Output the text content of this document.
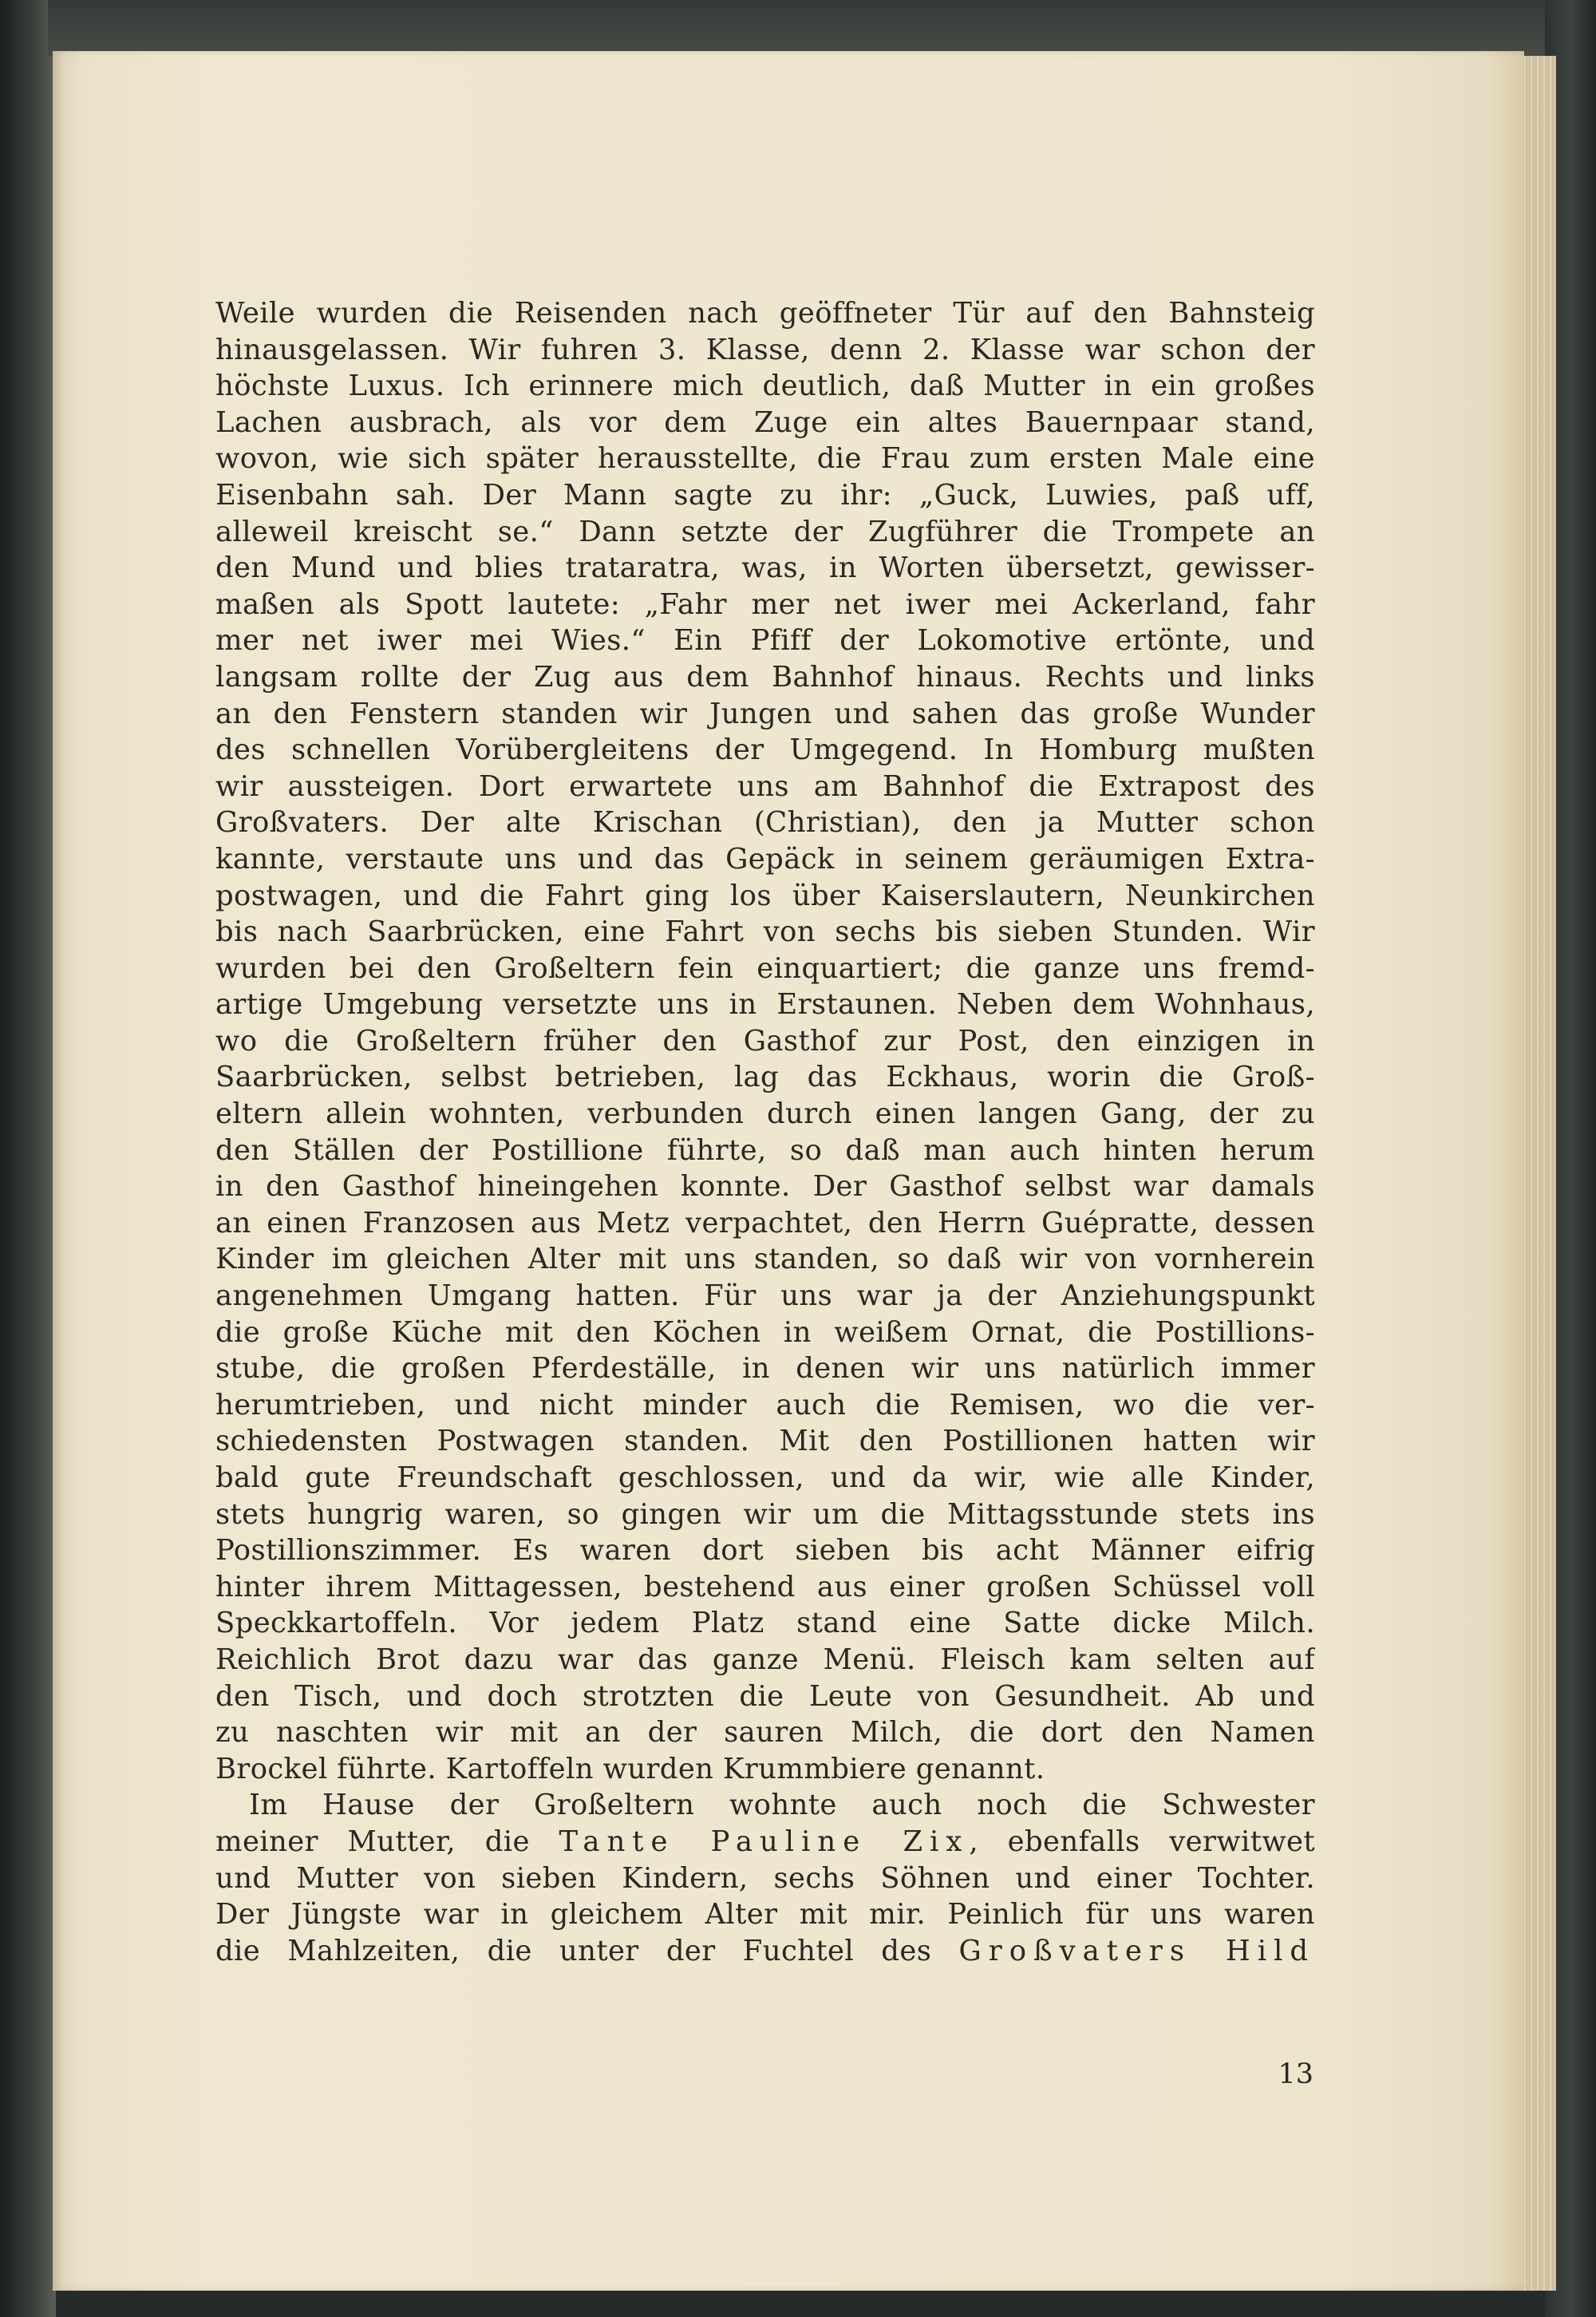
Weile wurden die Reisenden nach geöffneter Tür auf den Bahnsteig
hinausgelassen. Wir fuhren 3. Klasse, denn 2. Klasse war schon der
höchste Luxus. Ich erinnere mich deutlich, daß Mutter in ein großes
Lachen ausbrach, als vor dem Zuge ein altes Bauernpaar stand,
wovon, wie sich später herausstellte, die Frau zum ersten Male eine
Eisenbahn sah. Der Mann sagte zu ihr: „Guck, Luwies, paß uff,
alleweil kreischt se.“ Dann setzte der Zugführer die Trompete an
den Mund und blies trataratra, was, in Worten übersetzt, gewisser-
maßen als Spott lautete: „Fahr mer net iwer mei Ackerland, fahr
mer net iwer mei Wies.“ Ein Pfiff der Lokomotive ertönte, und
langsam rollte der Zug aus dem Bahnhof hinaus. Rechts und links
an den Fenstern standen wir Jungen und sahen das große Wunder
des schnellen Vorübergleitens der Umgegend. In Homburg mußten
wir aussteigen. Dort erwartete uns am Bahnhof die Extrapost des
Großvaters. Der alte Krischan (Christian), den ja Mutter schon
kannte, verstaute uns und das Gepäck in seinem geräumigen Extra-
postwagen, und die Fahrt ging los über Kaiserslautern, Neunkirchen
bis nach Saarbrücken, eine Fahrt von sechs bis sieben Stunden. Wir
wurden bei den Großeltern fein einquartiert; die ganze uns fremd-
artige Umgebung versetzte uns in Erstaunen. Neben dem Wohnhaus,
wo die Großeltern früher den Gasthof zur Post, den einzigen in
Saarbrücken, selbst betrieben, lag das Eckhaus, worin die Groß-
eltern allein wohnten, verbunden durch einen langen Gang, der zu
den Ställen der Postillione führte, so daß man auch hinten herum
in den Gasthof hineingehen konnte. Der Gasthof selbst war damals
an einen Franzosen aus Metz verpachtet, den Herrn Guépratte, dessen
Kinder im gleichen Alter mit uns standen, so daß wir von vornherein
angenehmen Umgang hatten. Für uns war ja der Anziehungspunkt
die große Küche mit den Köchen in weißem Ornat, die Postillions-
stube, die großen Pferdeställe, in denen wir uns natürlich immer
herumtrieben, und nicht minder auch die Remisen, wo die ver-
schiedensten Postwagen standen. Mit den Postillionen hatten wir
bald gute Freundschaft geschlossen, und da wir, wie alle Kinder,
stets hungrig waren, so gingen wir um die Mittagsstunde stets ins
Postillionszimmer. Es waren dort sieben bis acht Männer eifrig
hinter ihrem Mittagessen, bestehend aus einer großen Schüssel voll
Speckkartoffeln. Vor jedem Platz stand eine Satte dicke Milch.
Reichlich Brot dazu war das ganze Menü. Fleisch kam selten auf
den Tisch, und doch strotzten die Leute von Gesundheit. Ab und
zu naschten wir mit an der sauren Milch, die dort den Namen
Brockel führte. Kartoffeln wurden Krummbiere genannt.
Im Hause der Großeltern wohnte auch noch die Schwester
meiner Mutter, die Tante Pauline Zix, ebenfalls verwitwet
und Mutter von sieben Kindern, sechs Söhnen und einer Tochter.
Der Jüngste war in gleichem Alter mit mir. Peinlich für uns waren
die Mahlzeiten, die unter der Fuchtel des Großvaters Hild
13
